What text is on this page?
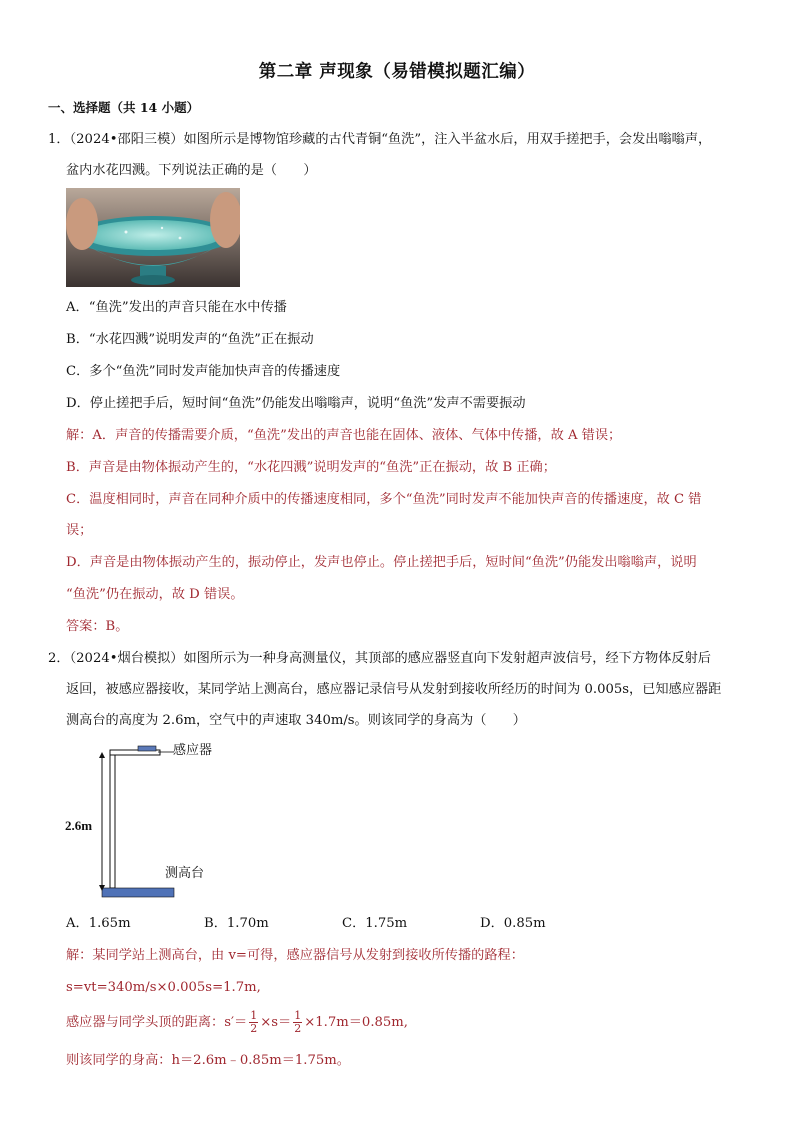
第二章 声现象（易错模拟题汇编）
一、选择题（共 14 小题）
1．（2024•邵阳三模）如图所示是博物馆珍藏的古代青铜“鱼洗”，注入半盆水后，用双手搓把手，会发出嗡嗡声，
盆内水花四溅。下列说法正确的是（　　）
A．“鱼洗”发出的声音只能在水中传播
B．“水花四溅”说明发声的“鱼洗”正在振动
C．多个“鱼洗”同时发声能加快声音的传播速度
D．停止搓把手后，短时间“鱼洗”仍能发出嗡嗡声，说明“鱼洗”发声不需要振动
解：A．声音的传播需要介质，“鱼洗”发出的声音也能在固体、液体、气体中传播，故 A 错误；
B．声音是由物体振动产生的，“水花四溅”说明发声的“鱼洗”正在振动，故 B 正确；
C．温度相同时，声音在同种介质中的传播速度相同，多个“鱼洗”同时发声不能加快声音的传播速度，故 C 错
误；
D．声音是由物体振动产生的，振动停止，发声也停止。停止搓把手后，短时间“鱼洗”仍能发出嗡嗡声，说明
“鱼洗”仍在振动，故 D 错误。
答案：B。
2．（2024•烟台模拟）如图所示为一种身高测量仪，其顶部的感应器竖直向下发射超声波信号，经下方物体反射后
返回，被感应器接收，某同学站上测高台，感应器记录信号从发射到接收所经历的时间为 0.005s，已知感应器距
测高台的高度为 2.6m，空气中的声速取 340m/s。则该同学的身高为（　　）
感应器
2.6m
测高台
A．1.65m	B．1.70m	C．1.75m	D．0.85m
解：某同学站上测高台，由 v=可得，感应器信号从发射到接收所传播的路程：
s=vt=340m/s×0.005s=1.7m,
感应器与同学头顶的距离：$s'= \frac{1}{2} \times s= \frac{1}{2} \times 1.7m=0.85m$,
则该同学的身高：h＝2.6m﹣0.85m＝1.75m。
